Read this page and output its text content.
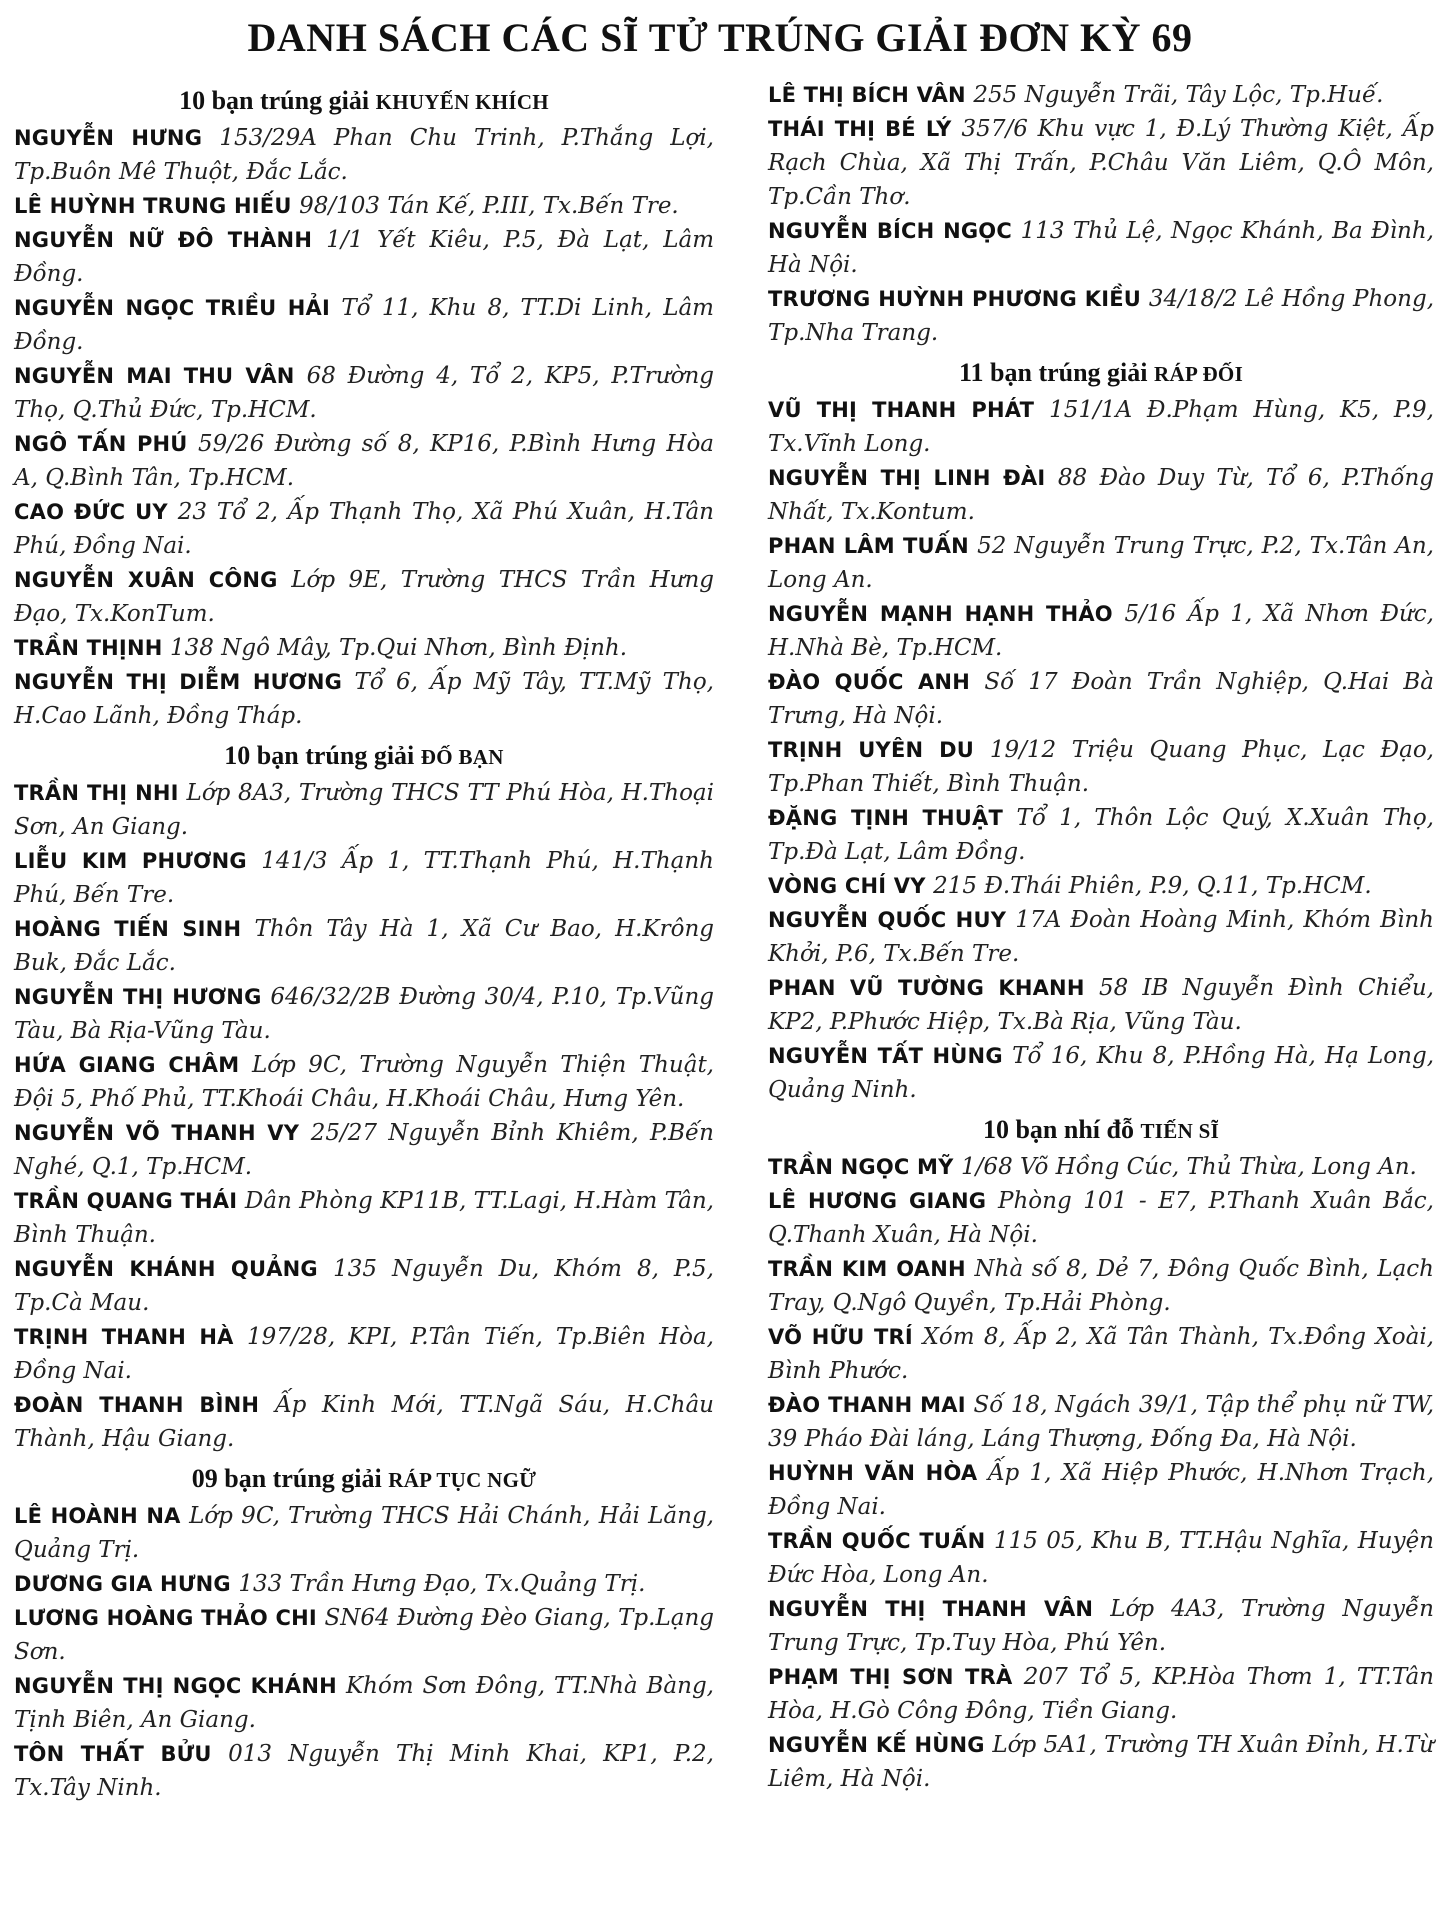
DANH SÁCH CÁC SĨ TỬ TRÚNG GIẢI ĐƠN KỲ 69
10 bạn trúng giải KHUYẾN KHÍCH

NGUYỄN HƯNG 153/29A Phan Chu Trinh, P.Thắng Lợi, Tp.Buôn Mê Thuột, Đắc Lắc.

LÊ HUỲNH TRUNG HIẾU 98/103 Tán Kế, P.III, Tx.Bến Tre.

NGUYỄN NỮ ĐÔ THÀNH 1/1 Yết Kiêu, P.5, Đà Lạt, Lâm Đồng.

NGUYỄN NGỌC TRIỀU HẢI Tổ 11, Khu 8, TT.Di Linh, Lâm Đồng.

NGUYỄN MAI THU VÂN 68 Đường 4, Tổ 2, KP5, P.Trường Thọ, Q.Thủ Đức, Tp.HCM.

NGÔ TẤN PHÚ 59/26 Đường số 8, KP16, P.Bình Hưng Hòa A, Q.Bình Tân, Tp.HCM.

CAO ĐỨC UY 23 Tổ 2, Ấp Thạnh Thọ, Xã Phú Xuân, H.Tân Phú, Đồng Nai.

NGUYỄN XUÂN CÔNG Lớp 9E, Trường THCS Trần Hưng Đạo, Tx.KonTum.

TRẦN THỊNH 138 Ngô Mây, Tp.Qui Nhơn, Bình Định.

NGUYỄN THỊ DIỄM HƯƠNG Tổ 6, Ấp Mỹ Tây, TT.Mỹ Thọ, H.Cao Lãnh, Đồng Tháp.

10 bạn trúng giải ĐỐ BẠN

TRẦN THỊ NHI Lớp 8A3, Trường THCS TT Phú Hòa, H.Thoại Sơn, An Giang.

LIỄU KIM PHƯƠNG 141/3 Ấp 1, TT.Thạnh Phú, H.Thạnh Phú, Bến Tre.

HOÀNG TIẾN SINH Thôn Tây Hà 1, Xã Cư Bao, H.Krông Buk, Đắc Lắc.

NGUYỄN THỊ HƯƠNG 646/32/2B Đường 30/4, P.10, Tp.Vũng Tàu, Bà Rịa-Vũng Tàu.

HỨA GIANG CHÂM Lớp 9C, Trường Nguyễn Thiện Thuật, Đội 5, Phố Phủ, TT.Khoái Châu, H.Khoái Châu, Hưng Yên.

NGUYỄN VÕ THANH VY 25/27 Nguyễn Bỉnh Khiêm, P.Bến Nghé, Q.1, Tp.HCM.

TRẦN QUANG THÁI Dân Phòng KP11B, TT.Lagi, H.Hàm Tân, Bình Thuận.

NGUYỄN KHÁNH QUẢNG 135 Nguyễn Du, Khóm 8, P.5, Tp.Cà Mau.

TRỊNH THANH HÀ 197/28, KPI, P.Tân Tiến, Tp.Biên Hòa, Đồng Nai.

ĐOÀN THANH BÌNH Ấp Kinh Mới, TT.Ngã Sáu, H.Châu Thành, Hậu Giang.

09 bạn trúng giải RÁP TỤC NGỮ

LÊ HOÀNH NA Lớp 9C, Trường THCS Hải Chánh, Hải Lăng, Quảng Trị.

DƯƠNG GIA HƯNG 133 Trần Hưng Đạo, Tx.Quảng Trị.

LƯƠNG HOÀNG THẢO CHI SN64 Đường Đèo Giang, Tp.Lạng Sơn.

NGUYỄN THỊ NGỌC KHÁNH Khóm Sơn Đông, TT.Nhà Bàng, Tịnh Biên, An Giang.

TÔN THẤT BỬU 013 Nguyễn Thị Minh Khai, KP1, P.2, Tx.Tây Ninh.

LÊ THỊ BÍCH VÂN 255 Nguyễn Trãi, Tây Lộc, Tp.Huế.

THÁI THỊ BÉ LÝ 357/6 Khu vực 1, Đ.Lý Thường Kiệt, Ấp Rạch Chùa, Xã Thị Trấn, P.Châu Văn Liêm, Q.Ô Môn, Tp.Cần Thơ.

NGUYỄN BÍCH NGỌC 113 Thủ Lệ, Ngọc Khánh, Ba Đình, Hà Nội.

TRƯƠNG HUỲNH PHƯƠNG KIỀU 34/18/2 Lê Hồng Phong, Tp.Nha Trang.

11 bạn trúng giải RÁP ĐỐI

VŨ THỊ THANH PHÁT 151/1A Đ.Phạm Hùng, K5, P.9, Tx.Vĩnh Long.

NGUYỄN THỊ LINH ĐÀI 88 Đào Duy Từ, Tổ 6, P.Thống Nhất, Tx.Kontum.

PHAN LÂM TUẤN 52 Nguyễn Trung Trực, P.2, Tx.Tân An, Long An.

NGUYỄN MẠNH HẠNH THẢO 5/16 Ấp 1, Xã Nhơn Đức, H.Nhà Bè, Tp.HCM.

ĐÀO QUỐC ANH Số 17 Đoàn Trần Nghiệp, Q.Hai Bà Trưng, Hà Nội.

TRỊNH UYÊN DU 19/12 Triệu Quang Phục, Lạc Đạo, Tp.Phan Thiết, Bình Thuận.

ĐẶNG TỊNH THUẬT Tổ 1, Thôn Lộc Quý, X.Xuân Thọ, Tp.Đà Lạt, Lâm Đồng.

VÒNG CHÍ VY 215 Đ.Thái Phiên, P.9, Q.11, Tp.HCM.

NGUYỄN QUỐC HUY 17A Đoàn Hoàng Minh, Khóm Bình Khởi, P.6, Tx.Bến Tre.

PHAN VŨ TƯỜNG KHANH 58 IB Nguyễn Đình Chiểu, KP2, P.Phước Hiệp, Tx.Bà Rịa, Vũng Tàu.

NGUYỄN TẤT HÙNG Tổ 16, Khu 8, P.Hồng Hà, Hạ Long, Quảng Ninh.

10 bạn nhí đỗ TIẾN SĨ

TRẦN NGỌC MỸ 1/68 Võ Hồng Cúc, Thủ Thừa, Long An.

LÊ HƯƠNG GIANG Phòng 101 - E7, P.Thanh Xuân Bắc, Q.Thanh Xuân, Hà Nội.

TRẦN KIM OANH Nhà số 8, Dẻ 7, Đông Quốc Bình, Lạch Tray, Q.Ngô Quyền, Tp.Hải Phòng.

VÕ HỮU TRÍ Xóm 8, Ấp 2, Xã Tân Thành, Tx.Đồng Xoài, Bình Phước.

ĐÀO THANH MAI Số 18, Ngách 39/1, Tập thể phụ nữ TW, 39 Pháo Đài láng, Láng Thượng, Đống Đa, Hà Nội.

HUỲNH VĂN HÒA Ấp 1, Xã Hiệp Phước, H.Nhơn Trạch, Đồng Nai.

TRẦN QUỐC TUẤN 115 05, Khu B, TT.Hậu Nghĩa, Huyện Đức Hòa, Long An.

NGUYỄN THỊ THANH VÂN Lớp 4A3, Trường Nguyễn Trung Trực, Tp.Tuy Hòa, Phú Yên.

PHẠM THỊ SƠN TRÀ 207 Tổ 5, KP.Hòa Thơm 1, TT.Tân Hòa, H.Gò Công Đông, Tiền Giang.

NGUYỄN KẾ HÙNG Lớp 5A1, Trường TH Xuân Đỉnh, H.Từ Liêm, Hà Nội.
